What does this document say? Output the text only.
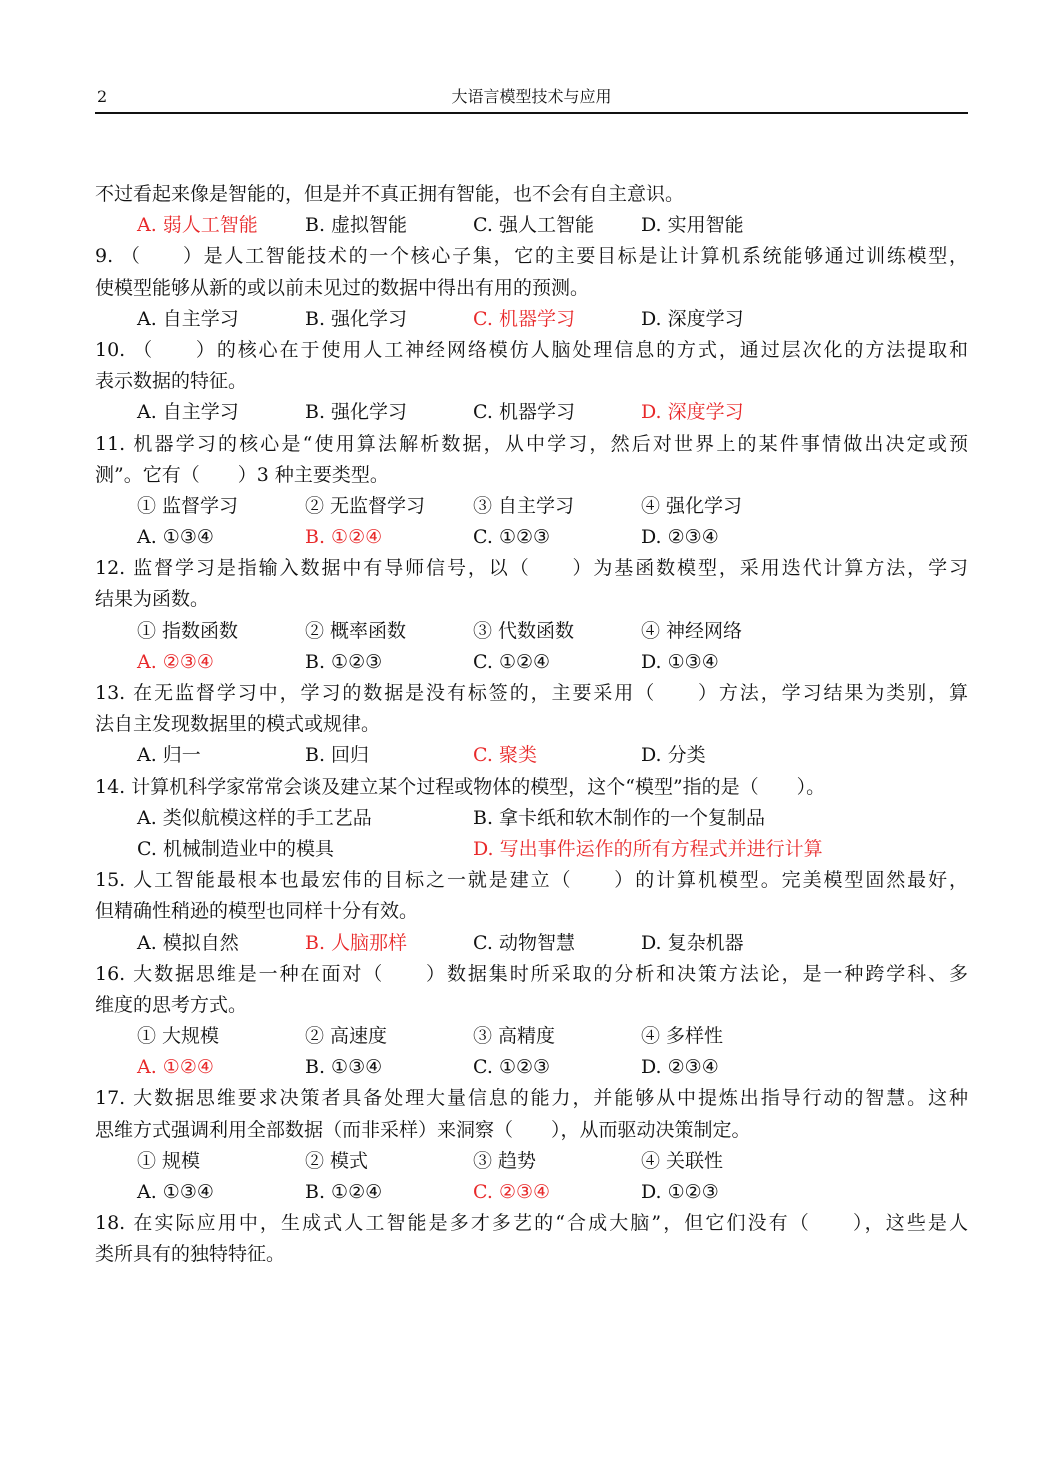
2	大语言模型技术与应用
不过看起来像是智能的，但是并不真正拥有智能，也不会有自主意识。
A. 弱人工智能 B. 虚拟智能	C. 强人工智能 D. 实用智能
9. （　　）是人工智能技术的一个核心子集，它的主要目标是让计算机系统能够通过训练模型，
使模型能够从新的或以前未见过的数据中得出有用的预测。
A. 自主学习	B. 强化学习	C. 机器学习	D. 深度学习
10. （　　）的核心在于使用人工神经网络模仿人脑处理信息的方式，通过层次化的方法提取和
表示数据的特征。
A. 自主学习	B. 强化学习	C. 机器学习	D. 深度学习
11. 机器学习的核心是“使用算法解析数据，从中学习，然后对世界上的某件事情做出决定或预
测”。它有（　　）3 种主要类型。
① 监督学习	② 无监督学习	③ 自主学习	④ 强化学习
A. ①③④	B. ①②④	C. ①②③	D. ②③④
12. 监督学习是指输入数据中有导师信号，以（　　）为基函数模型，采用迭代计算方法，学习
结果为函数。
① 指数函数	② 概率函数	③ 代数函数	④ 神经网络
A. ②③④	B. ①②③	C. ①②④	D. ①③④
13. 在无监督学习中，学习的数据是没有标签的，主要采用（　　）方法，学习结果为类别，算
法自主发现数据里的模式或规律。
A. 归一	B. 回归	C. 聚类	D. 分类
14. 计算机科学家常常会谈及建立某个过程或物体的模型，这个“模型”指的是（　　）。
A. 类似航模这样的手工艺品	B. 拿卡纸和软木制作的一个复制品
C. 机械制造业中的模具	D. 写出事件运作的所有方程式并进行计算
15. 人工智能最根本也最宏伟的目标之一就是建立（　　）的计算机模型。完美模型固然最好，
但精确性稍逊的模型也同样十分有效。
A. 模拟自然	B. 人脑那样	C. 动物智慧	D. 复杂机器
16. 大数据思维是一种在面对（　　）数据集时所采取的分析和决策方法论，是一种跨学科、多
维度的思考方式。
① 大规模	② 高速度	③ 高精度	④ 多样性
A. ①②④	B. ①③④	C. ①②③	D. ②③④
17. 大数据思维要求决策者具备处理大量信息的能力，并能够从中提炼出指导行动的智慧。这种
思维方式强调利用全部数据（而非采样）来洞察（　　），从而驱动决策制定。
① 规模	② 模式	③ 趋势	④ 关联性
A. ①③④	B. ①②④	C. ②③④	D. ①②③
18. 在实际应用中，生成式人工智能是多才多艺的“合成大脑”，但它们没有（　　），这些是人
类所具有的独特特征。
